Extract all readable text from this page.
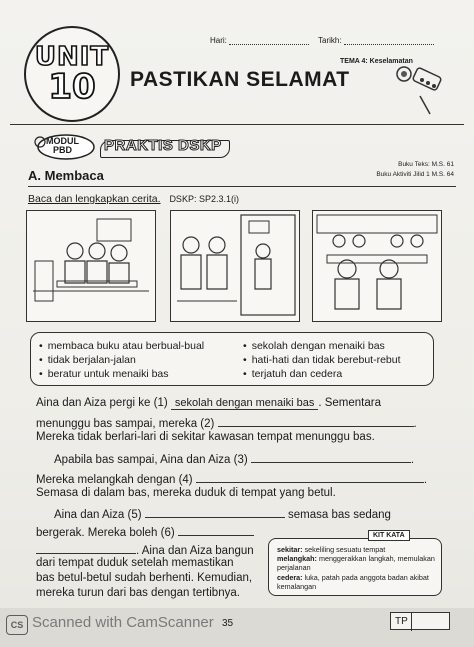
Hari:	Tarikh:
UNIT
10
TEMA 4: Keselamatan
PASTIKAN SELAMAT
MODUL
PBD	PRAKTIS DSKP
Buku Teks: M.S. 61
Buku Aktiviti Jilid 1 M.S. 64
A. Membaca
Baca dan lengkapkan cerita. DSKP: SP2.3.1(i)
• membaca buku atau berbual-bual
• tidak berjalan-jalan
• beratur untuk menaiki bas
• sekolah dengan menaiki bas
• hati-hati dan tidak berebut-rebut
• terjatuh dan cedera
Aina dan Aiza pergi ke (1) sekolah dengan menaiki bas . Sementara
menunggu bas sampai, mereka (2)	.
Mereka tidak berlari-lari di sekitar kawasan tempat menunggu bas.
Apabila bas sampai, Aina dan Aiza (3)	.
Mereka melangkah dengan (4)	.
Semasa di dalam bas, mereka duduk di tempat yang betul.
Aina dan Aiza (5)	semasa bas sedang
bergerak. Mereka boleh (6)
. Aina dan Aiza bangun
dari tempat duduk setelah memastikan
bas betul-betul sudah berhenti. Kemudian,
mereka turun dari bas dengan tertibnya.
sekitar: sekeliling sesuatu tempat
melangkah: menggerakkan langkah, memulakan perjalanan
cedera: luka, patah pada anggota badan akibat kemalangan
KIT KATA
CS Scanned with CamScanner 35	TP
